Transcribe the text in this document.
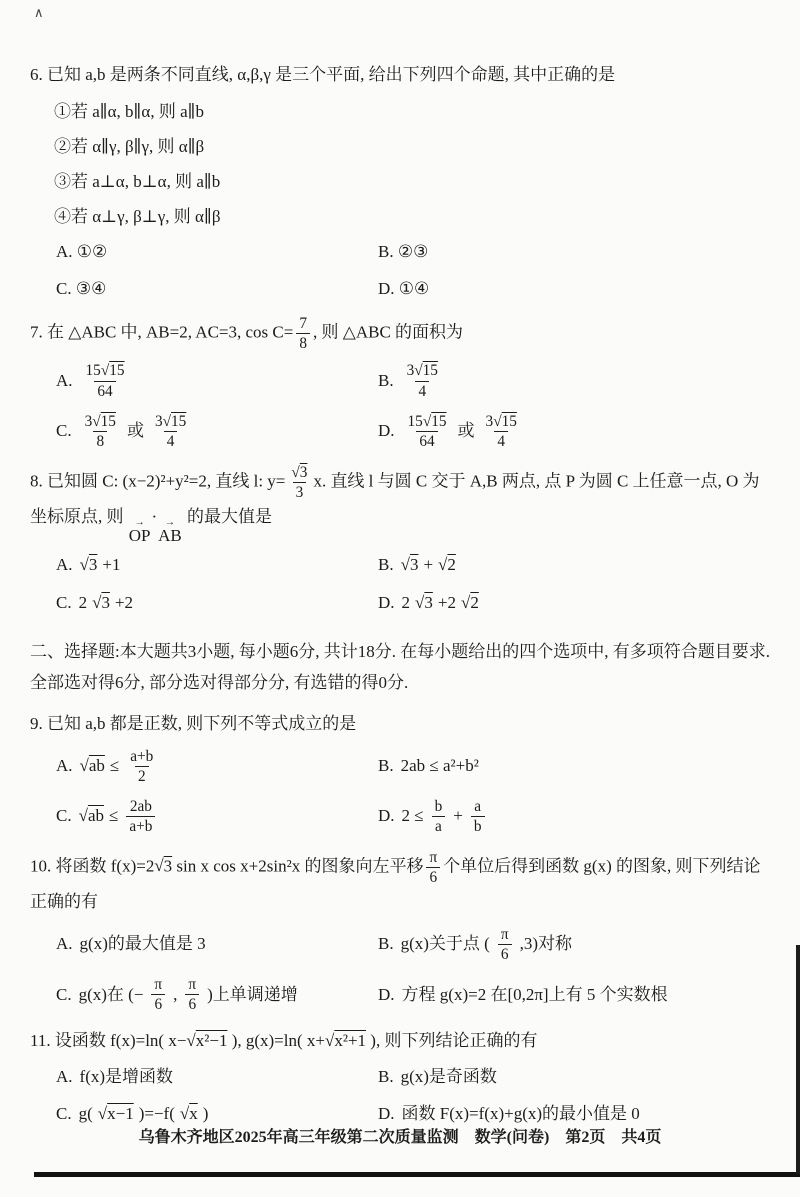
∧

6. 已知 a,b 是两条不同直线, α,β,γ 是三个平面, 给出下列四个命题, 其中正确的是

①若 a∥α, b∥α, 则 a∥b

②若 α∥γ, β∥γ, 则 α∥β

③若 a⊥α, b⊥α, 则 a∥b

④若 α⊥γ, β⊥γ, 则 α∥β

A. ①②	B. ②③
C. ③④	D. ①④

7. 在 △ABC 中, AB=2, AC=3, $\cos C= \frac{7}{8}$ , 则 △ABC 的面积为

A. $\frac{15 √ 15}{64}$	B. $\frac{3 √ 15}{4}$
C. $\frac{3 √ 15}{8}$ 或 $\frac{3 √ 15}{4}$	D. $\frac{15 √ 15}{64}$ 或 $\frac{3 √ 15}{4}$

8. 已知圆 C: (x−2)²+y²=2, 直线 l: y= √ $\frac{3}{3} x$. 直线 l 与圆 C 交于 A,B 两点, 点 P 为圆 C 上任意一点, O 为坐标原点, 则 → OP·→ AB 的最大值是

A. √ 3 +1	B. √ 3 + √ 2
C. 2 √ 3 +2	D. 2 √ 3 +2 √ 2

二、选择题:本大题共3小题, 每小题6分, 共计18分. 在每小题给出的四个选项中, 有多项符合题目要求. 全部选对得6分, 部分选对得部分分, 有选错的得0分.

9. 已知 a,b 都是正数, 则下列不等式成立的是

A. √ $\overline{ab} \le \frac{a+b}{2}$	B. 2ab ≤ a²+b²
C. √ $\overline{ab} \le \frac{2ab}{a+b}$	D. $2 \le \frac{b}{a} + \frac{a}{b}$

10. 将函数 f(x)=2 √ 3 sin x cos x+2sin²x 的图象向左平移 $\frac{\pi}{6}$ 个单位后得到函数 g(x) 的图象, 则下列结论正确的有

A. g(x)的最大值是 3	B. g(x)关于点 ( $\frac{\pi}{6} ,3$)对称
C. g(x)在 (− $\frac{\pi}{6}$ , $\frac{\pi}{6}$ )上单调递增	D. 方程 g(x)=2 在[0,2π]上有 5 个实数根

11. 设函数 f(x)=ln( x− √ x²−1 ), g(x)=ln( x+ √ x²+1 ), 则下列结论正确的有

A. f(x)是增函数	B. g(x)是奇函数
C. g( √ x−1 )=−f( √ $\overline{x}$ )	D. 函数 F(x)=f(x)+g(x)的最小值是 0
乌鲁木齐地区2025年高三年级第二次质量监测 数学(问卷) 第2页 共4页
